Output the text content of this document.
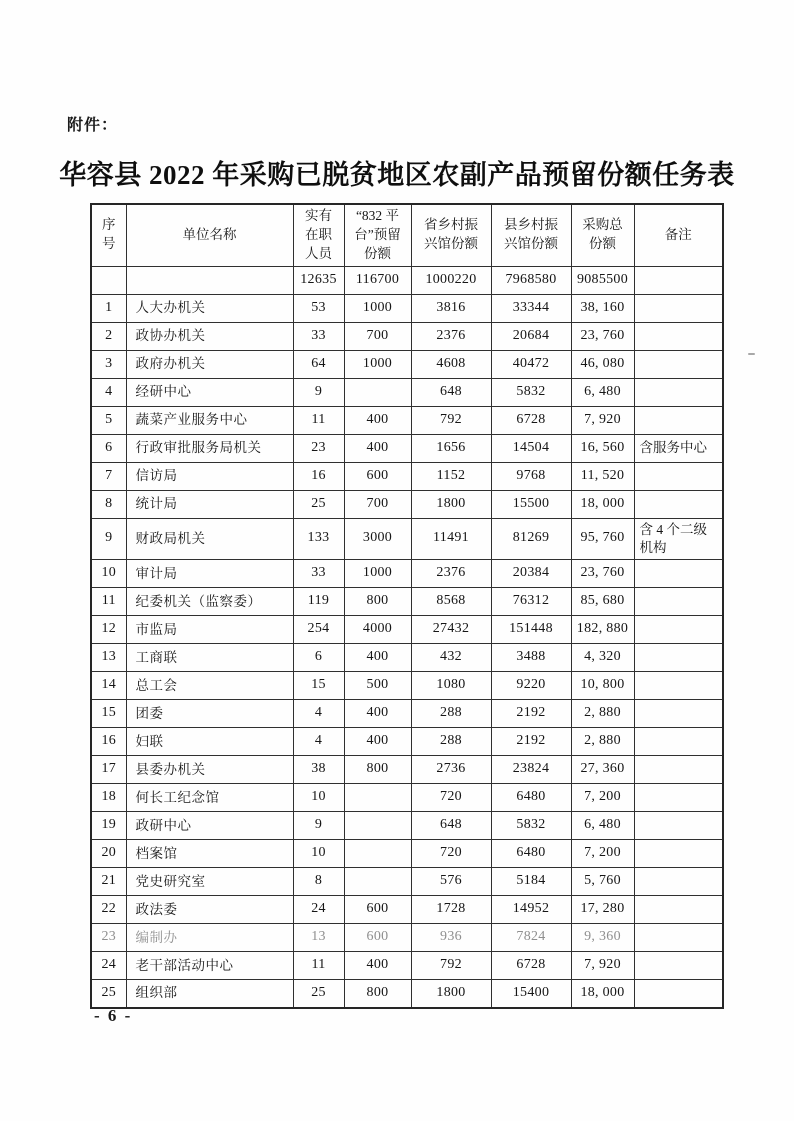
附件：
华容县 2022 年采购已脱贫地区农副产品预留份额任务表
序号	单位名称	实有在职人员	“832 平台”预留份额	省乡村振兴馆份额	县乡村振兴馆份额	采购总份额	备注
		12635	116700	1000220	7968580	9085500	
1	人大办机关	53	1000	3816	33344	38, 160	
2	政协办机关	33	700	2376	20684	23, 760	
3	政府办机关	64	1000	4608	40472	46, 080	
4	经研中心	9		648	5832	6, 480	
5	蔬菜产业服务中心	11	400	792	6728	7, 920	
6	行政审批服务局机关	23	400	1656	14504	16, 560	含服务中心
7	信访局	16	600	1152	9768	11, 520	
8	统计局	25	700	1800	15500	18, 000	
9	财政局机关	133	3000	11491	81269	95, 760	含 4 个二级机构
10	审计局	33	1000	2376	20384	23, 760	
11	纪委机关（监察委）	119	800	8568	76312	85, 680	
12	市监局	254	4000	27432	151448	182, 880	
13	工商联	6	400	432	3488	4, 320	
14	总工会	15	500	1080	9220	10, 800	
15	团委	4	400	288	2192	2, 880	
16	妇联	4	400	288	2192	2, 880	
17	县委办机关	38	800	2736	23824	27, 360	
18	何长工纪念馆	10		720	6480	7, 200	
19	政研中心	9		648	5832	6, 480	
20	档案馆	10		720	6480	7, 200	
21	党史研究室	8		576	5184	5, 760	
22	政法委	24	600	1728	14952	17, 280	
23	编制办	13	600	936	7824	9, 360	
24	老干部活动中心	11	400	792	6728	7, 920	
25	组织部	25	800	1800	15400	18, 000	
- 6 -
